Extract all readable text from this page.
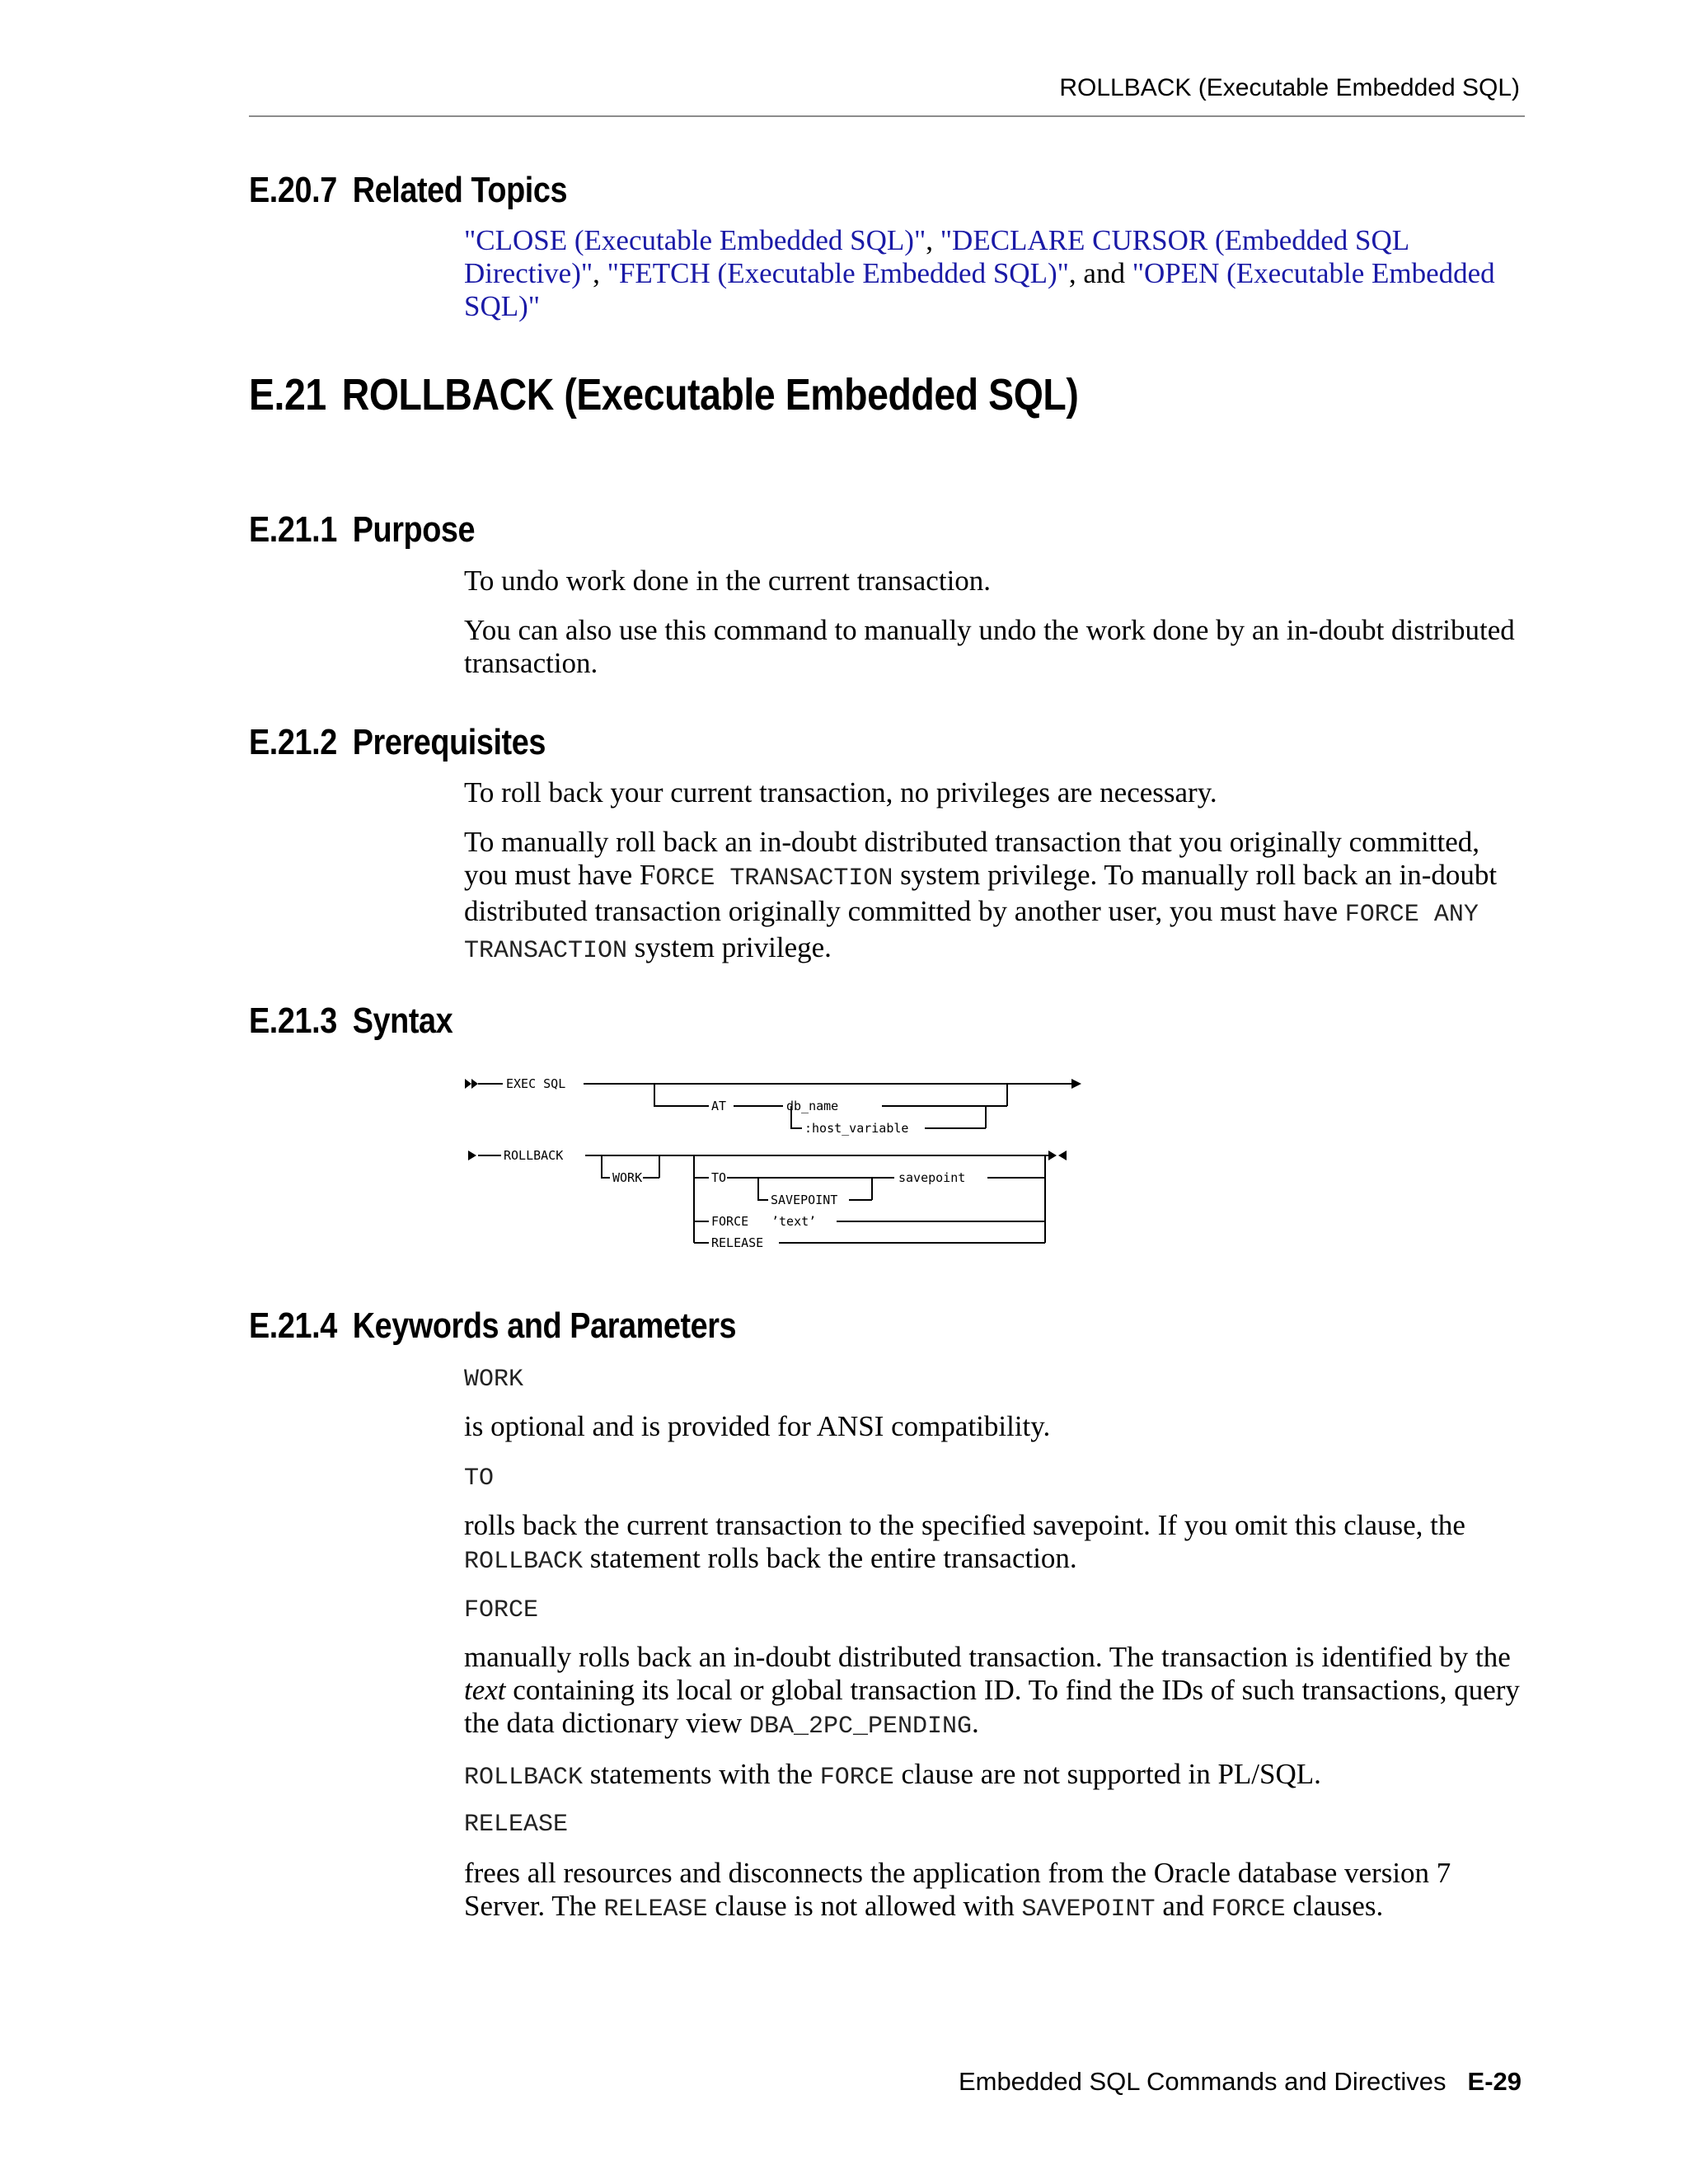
ROLLBACK (Executable Embedded SQL)
E.20.7 Related Topics

"CLOSE (Executable Embedded SQL)", "DECLARE CURSOR (Embedded SQL Directive)", "FETCH (Executable Embedded SQL)", and "OPEN (Executable Embedded SQL)"

E.21 ROLLBACK (Executable Embedded SQL)
E.21.1 Purpose

To undo work done in the current transaction.

You can also use this command to manually undo the work done by an in-doubt distributed transaction.

E.21.2 Prerequisites

To roll back your current transaction, no privileges are necessary.

To manually roll back an in-doubt distributed transaction that you originally committed, you must have FORCE TRANSACTION system privilege. To manually roll back an in-doubt distributed transaction originally committed by another user, you must have FORCE ANY TRANSACTION system privilege.

E.21.3 Syntax
EXEC SQL
AT	db_name
:host_variable
ROLLBACK
WORK	TO	savepoint
SAVEPOINT
FORCE ’text’
RELEASE
E.21.4 Keywords and Parameters

WORK

is optional and is provided for ANSI compatibility.

TO

rolls back the current transaction to the specified savepoint. If you omit this clause, the ROLLBACK statement rolls back the entire transaction.

FORCE

manually rolls back an in-doubt distributed transaction. The transaction is identified by the text containing its local or global transaction ID. To find the IDs of such transactions, query the data dictionary view DBA_2PC_PENDING.

ROLLBACK statements with the FORCE clause are not supported in PL/SQL.

RELEASE

frees all resources and disconnects the application from the Oracle database version 7 Server. The RELEASE clause is not allowed with SAVEPOINT and FORCE clauses.

Embedded SQL Commands and Directives E-29
